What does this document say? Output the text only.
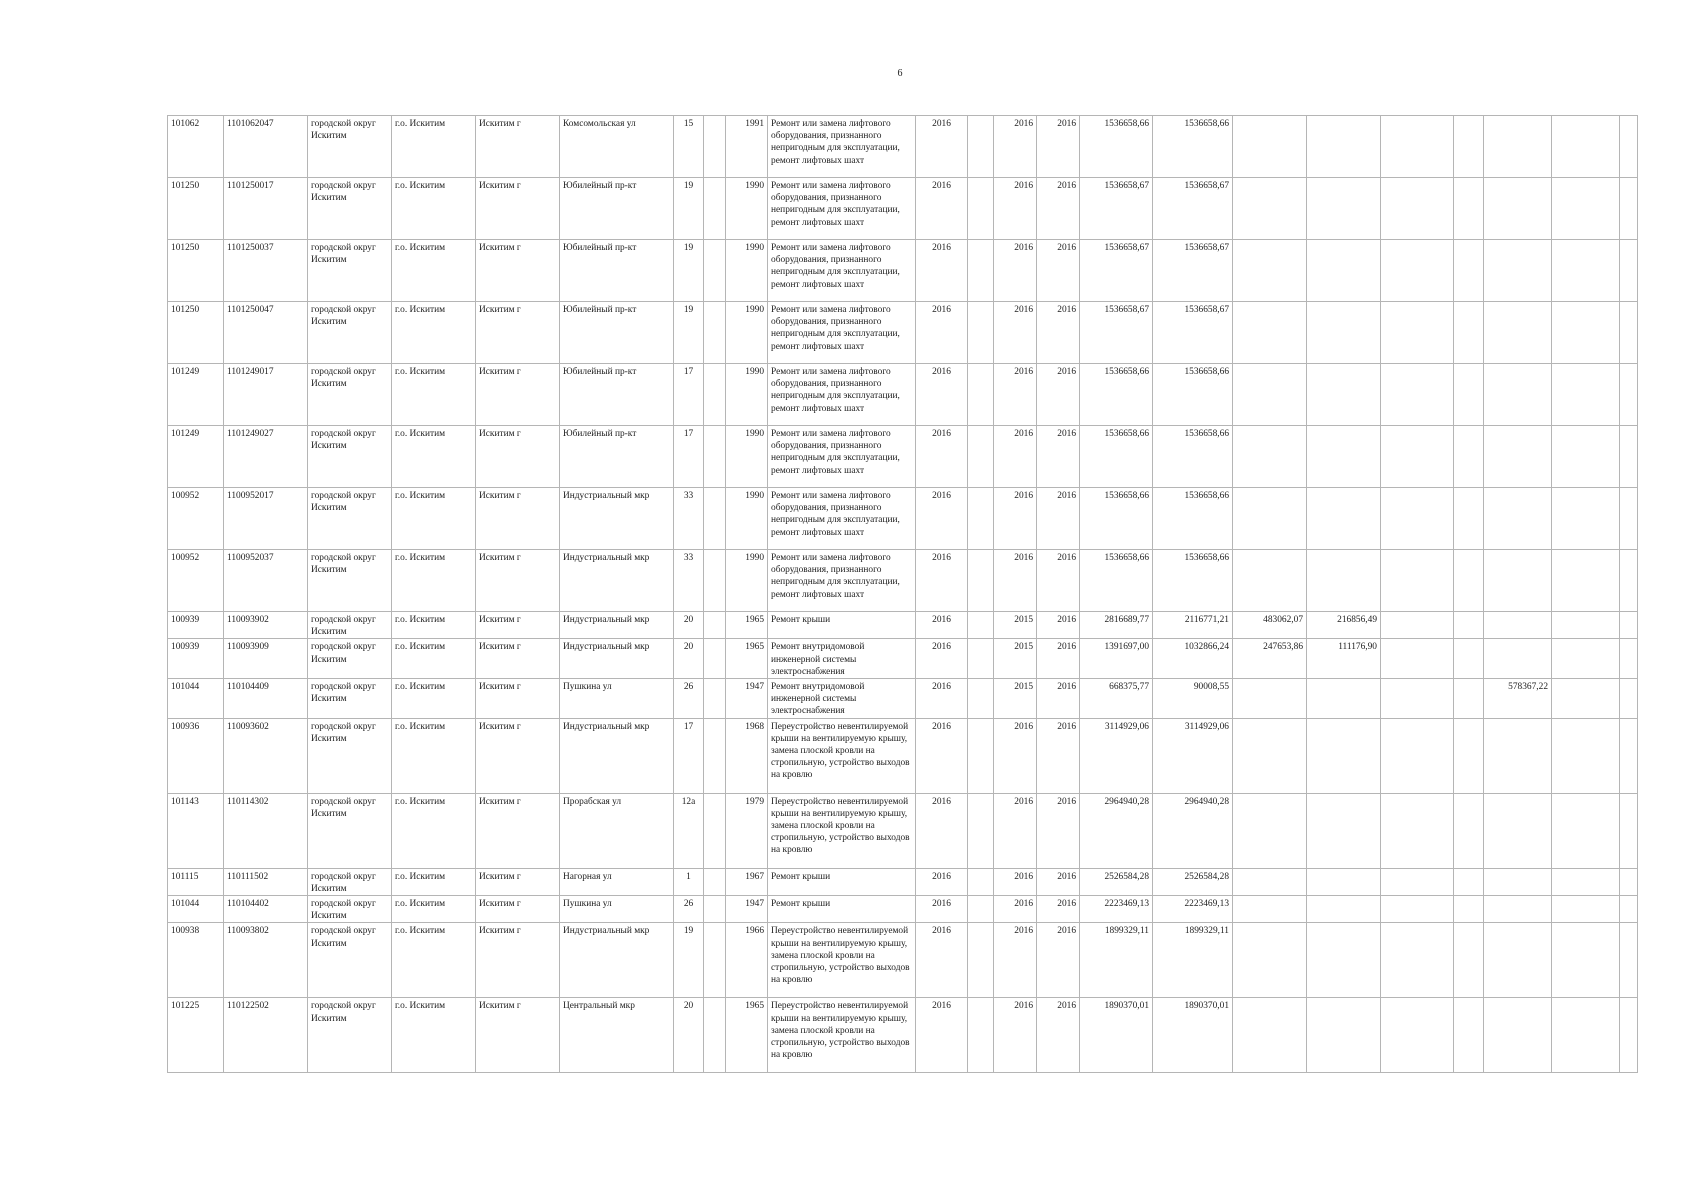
6
101062	1101062047	городской округ Искитим	г.о. Искитим	Искитим г	Комсомольская ул	15		1991	Ремонт или замена лифтового оборудования, признанного непригодным для эксплуатации, ремонт лифтовых шахт	2016		2016	2016	1536658,66	1536658,66							
101250	1101250017	городской округ Искитим	г.о. Искитим	Искитим г	Юбилейный пр-кт	19		1990	Ремонт или замена лифтового оборудования, признанного непригодным для эксплуатации, ремонт лифтовых шахт	2016		2016	2016	1536658,67	1536658,67							
101250	1101250037	городской округ Искитим	г.о. Искитим	Искитим г	Юбилейный пр-кт	19		1990	Ремонт или замена лифтового оборудования, признанного непригодным для эксплуатации, ремонт лифтовых шахт	2016		2016	2016	1536658,67	1536658,67							
101250	1101250047	городской округ Искитим	г.о. Искитим	Искитим г	Юбилейный пр-кт	19		1990	Ремонт или замена лифтового оборудования, признанного непригодным для эксплуатации, ремонт лифтовых шахт	2016		2016	2016	1536658,67	1536658,67							
101249	1101249017	городской округ Искитим	г.о. Искитим	Искитим г	Юбилейный пр-кт	17		1990	Ремонт или замена лифтового оборудования, признанного непригодным для эксплуатации, ремонт лифтовых шахт	2016		2016	2016	1536658,66	1536658,66							
101249	1101249027	городской округ Искитим	г.о. Искитим	Искитим г	Юбилейный пр-кт	17		1990	Ремонт или замена лифтового оборудования, признанного непригодным для эксплуатации, ремонт лифтовых шахт	2016		2016	2016	1536658,66	1536658,66							
100952	1100952017	городской округ Искитим	г.о. Искитим	Искитим г	Индустриальный мкр	33		1990	Ремонт или замена лифтового оборудования, признанного непригодным для эксплуатации, ремонт лифтовых шахт	2016		2016	2016	1536658,66	1536658,66							
100952	1100952037	городской округ Искитим	г.о. Искитим	Искитим г	Индустриальный мкр	33		1990	Ремонт или замена лифтового оборудования, признанного непригодным для эксплуатации, ремонт лифтовых шахт	2016		2016	2016	1536658,66	1536658,66							
100939	110093902	городской округ Искитим	г.о. Искитим	Искитим г	Индустриальный мкр	20		1965	Ремонт крыши	2016		2015	2016	2816689,77	2116771,21	483062,07	216856,49					
100939	110093909	городской округ Искитим	г.о. Искитим	Искитим г	Индустриальный мкр	20		1965	Ремонт внутридомовой инженерной системы электроснабжения	2016		2015	2016	1391697,00	1032866,24	247653,86	111176,90					
101044	110104409	городской округ Искитим	г.о. Искитим	Искитим г	Пушкина ул	26		1947	Ремонт внутридомовой инженерной системы электроснабжения	2016		2015	2016	668375,77	90008,55					578367,22		
100936	110093602	городской округ Искитим	г.о. Искитим	Искитим г	Индустриальный мкр	17		1968	Переустройство невентилируемой крыши на вентилируемую крышу, замена плоской кровли на стропильную, устройство выходов на кровлю	2016		2016	2016	3114929,06	3114929,06							
101143	110114302	городской округ Искитим	г.о. Искитим	Искитим г	Прорабская ул	12а		1979	Переустройство невентилируемой крыши на вентилируемую крышу, замена плоской кровли на стропильную, устройство выходов на кровлю	2016		2016	2016	2964940,28	2964940,28							
101115	110111502	городской округ Искитим	г.о. Искитим	Искитим г	Нагорная ул	1		1967	Ремонт крыши	2016		2016	2016	2526584,28	2526584,28							
101044	110104402	городской округ Искитим	г.о. Искитим	Искитим г	Пушкина ул	26		1947	Ремонт крыши	2016		2016	2016	2223469,13	2223469,13							
100938	110093802	городской округ Искитим	г.о. Искитим	Искитим г	Индустриальный мкр	19		1966	Переустройство невентилируемой крыши на вентилируемую крышу, замена плоской кровли на стропильную, устройство выходов на кровлю	2016		2016	2016	1899329,11	1899329,11							
101225	110122502	городской округ Искитим	г.о. Искитим	Искитим г	Центральный мкр	20		1965	Переустройство невентилируемой крыши на вентилируемую крышу, замена плоской кровли на стропильную, устройство выходов на кровлю	2016		2016	2016	1890370,01	1890370,01							
